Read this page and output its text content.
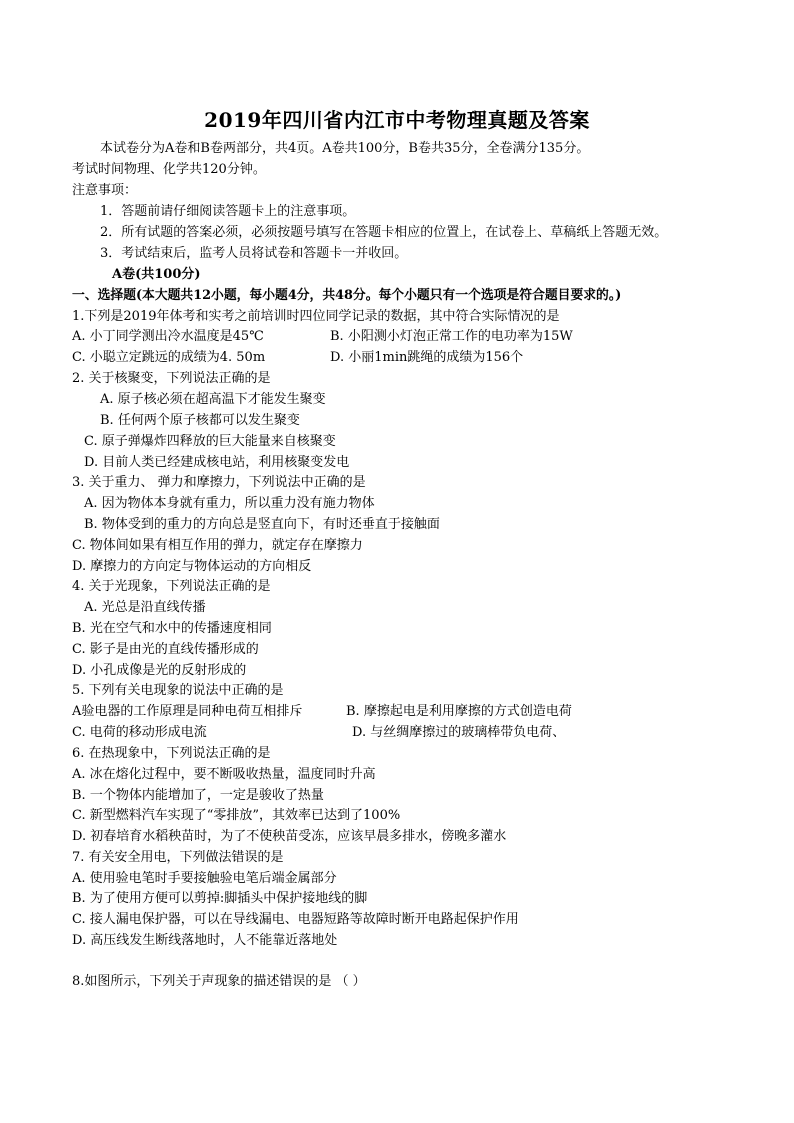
2019年四川省内江市中考物理真题及答案
本试卷分为A卷和B卷两部分，共4页。A卷共100分，B卷共35分，全卷满分135分。
考试时间物理、化学共120分钟。
注意事项：
1．答题前请仔细阅读答题卡上的注意事项。
2．所有试题的答案必须，必须按题号填写在答题卡相应的位置上，在试卷上、草稿纸上答题无效。
3．考试结束后，监考人员将试卷和答题卡一并收回。
A卷(共100分)
一、选择题(本大题共12小题，每小题4分，共48分。每个小题只有一个选项是符合题目要求的。)
1.下列是2019年体考和实考之前培训时四位同学记录的数据，其中符合实际情况的是
A. 小丁同学测出冷水温度是45℃	B. 小阳测小灯泡正常工作的电功率为15W
C. 小聪立定跳远的成绩为4. 50m	D. 小丽1min跳绳的成绩为156个
2. 关于核聚变，下列说法正确的是
A. 原子核必须在超高温下才能发生聚变
B. 任何两个原子核都可以发生聚变
C. 原子弹爆炸四释放的巨大能量来自核聚变
D. 目前人类已经建成核电站，利用核聚变发电
3. 关于重力、 弹力和摩擦力，下列说法中正确的是
A. 因为物体本身就有重力，所以重力没有施力物体
B. 物体受到的重力的方向总是竖直向下，有时还垂直于接触面
C. 物体间如果有相互作用的弹力，就定存在摩擦力
D. 摩擦力的方向定与物体运动的方向相反
4. 关于光现象，下列说法正确的是
A. 光总是沿直线传播
B. 光在空气和水中的传播速度相同
C. 影子是由光的直线传播形成的
D. 小孔成像是光的反射形成的
5. 下列有关电现象的说法中正确的是
A验电器的工作原理是同种电荷互相排斥	B. 摩擦起电是利用摩擦的方式创造电荷
C. 电荷的移动形成电流	D. 与丝绸摩擦过的玻璃棒带负电荷、
6. 在热现象中，下列说法正确的是
A. 冰在熔化过程中，要不断吸收热量，温度同时升高
B. 一个物体内能增加了，一定是骏收了热量
C. 新型燃料汽车实现了“零排放”，其效率已达到了100%
D. 初春培育水稻秧苗时，为了不使秧苗受冻，应该早晨多排水，傍晚多灌水
7. 有关安全用电，下列做法错误的是
A. 使用验电笔时手要接触验电笔后端金属部分
B. 为了使用方便可以剪掉:脚插头中保护接地线的脚
C. 接人漏电保护器，可以在导线漏电、电器短路等故障时断开电路起保护作用
D. 高压线发生断线落地时，人不能靠近落地处
8.如图所示，下列关于声现象的描述错误的是 （ ）
